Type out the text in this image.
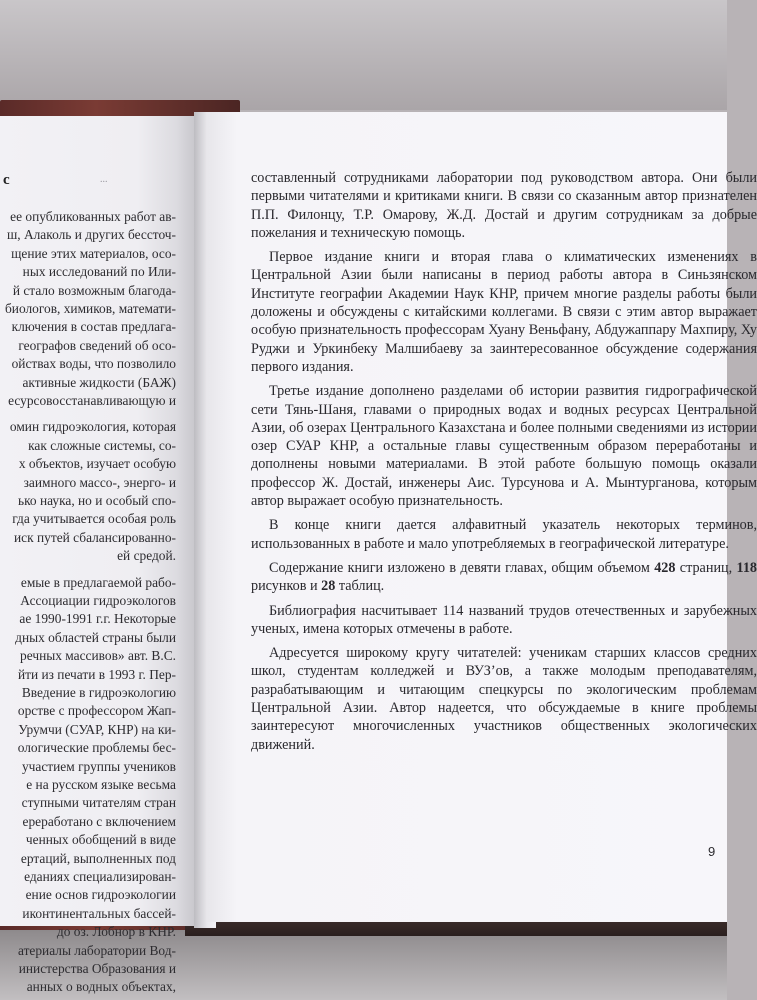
с	...
ее опубликованных работ ав-
ш, Алаколь и других бессточ-
щение этих материалов, осо-
ных исследований по Или-
й стало возможным благода-
биологов, химиков, математи-
ключения в состав предлага-
географов сведений об осо-
ойствах воды, что позволило
активные жидкости (БАЖ)
есурсовосстанавливающую и
омин гидроэкология, которая
как сложные системы, со-
х объектов, изучает особую
заимного массо-, энерго- и
ько наука, но и особый спо-
гда учитывается особая роль
иск путей сбалансированно-
ей средой.
емые в предлагаемой рабо-
Ассоциации гидроэкологов
ае 1990-1991 г.г. Некоторые
дных областей страны были
речных массивов» авт. В.С.
йти из печати в 1993 г. Пер-
Введение в гидроэкологию
орстве с профессором Жап-
Урумчи (СУАР, КНР) на ки-
ологические проблемы бес-
участием группы учеников
е на русском языке весьма
ступными читателям стран
ереработано с включением
ченных обобщений в виде
ертаций, выполненных под
еданиях специализирован-
ение основ гидроэкологии
иконтинентальных бассей-
до оз. Лобнор в КНР.
атериалы лаборатории Вод-
инистерства Образования и
анных о водных объектах,

составленный сотрудниками лаборатории под руководством автора. Они были первыми читателями и критиками книги. В связи со сказанным автор признателен П.П. Филонцу, Т.Р. Омарову, Ж.Д. Достай и другим сотрудникам за добрые пожелания и техническую помощь.

Первое издание книги и вторая глава о климатических изменениях в Центральной Азии были написаны в период работы автора в Синьзянском Институте географии Академии Наук КНР, причем многие разделы работы были доложены и обсуждены с китайскими коллегами. В связи с этим автор выражает особую признательность профессорам Хуану Веньфану, Абдужаппару Махпиру, Ху Руджи и Уркинбеку Малшибаеву за заинтересованное обсуждение содержания первого издания.

Третье издание дополнено разделами об истории развития гидрографической сети Тянь-Шаня, главами о природных водах и водных ресурсах Центральной Азии, об озерах Центрального Казахстана и более полными сведениями из истории озер СУАР КНР, а остальные главы существенным образом переработаны и дополнены новыми материалами. В этой работе большую помощь оказали профессор Ж. Достай, инженеры Аис. Турсунова и А. Мынтурганова, которым автор выражает особую признательность.

В конце книги дается алфавитный указатель некоторых терминов, использованных в работе и мало употребляемых в географической литературе.

Содержание книги изложено в девяти главах, общим объемом 428 страниц, 118 рисунков и 28 таблиц.

Библиография насчитывает 114 названий трудов отечественных и зарубежных ученых, имена которых отмечены в работе.

Адресуется широкому кругу читателей: ученикам старших классов средних школ, студентам колледжей и ВУЗ’ов, а также молодым преподавателям, разрабатывающим и читающим спецкурсы по экологическим проблемам Центральной Азии. Автор надеется, что обсуждаемые в книге проблемы заинтересуют многочисленных участников общественных экологических движений.

9
